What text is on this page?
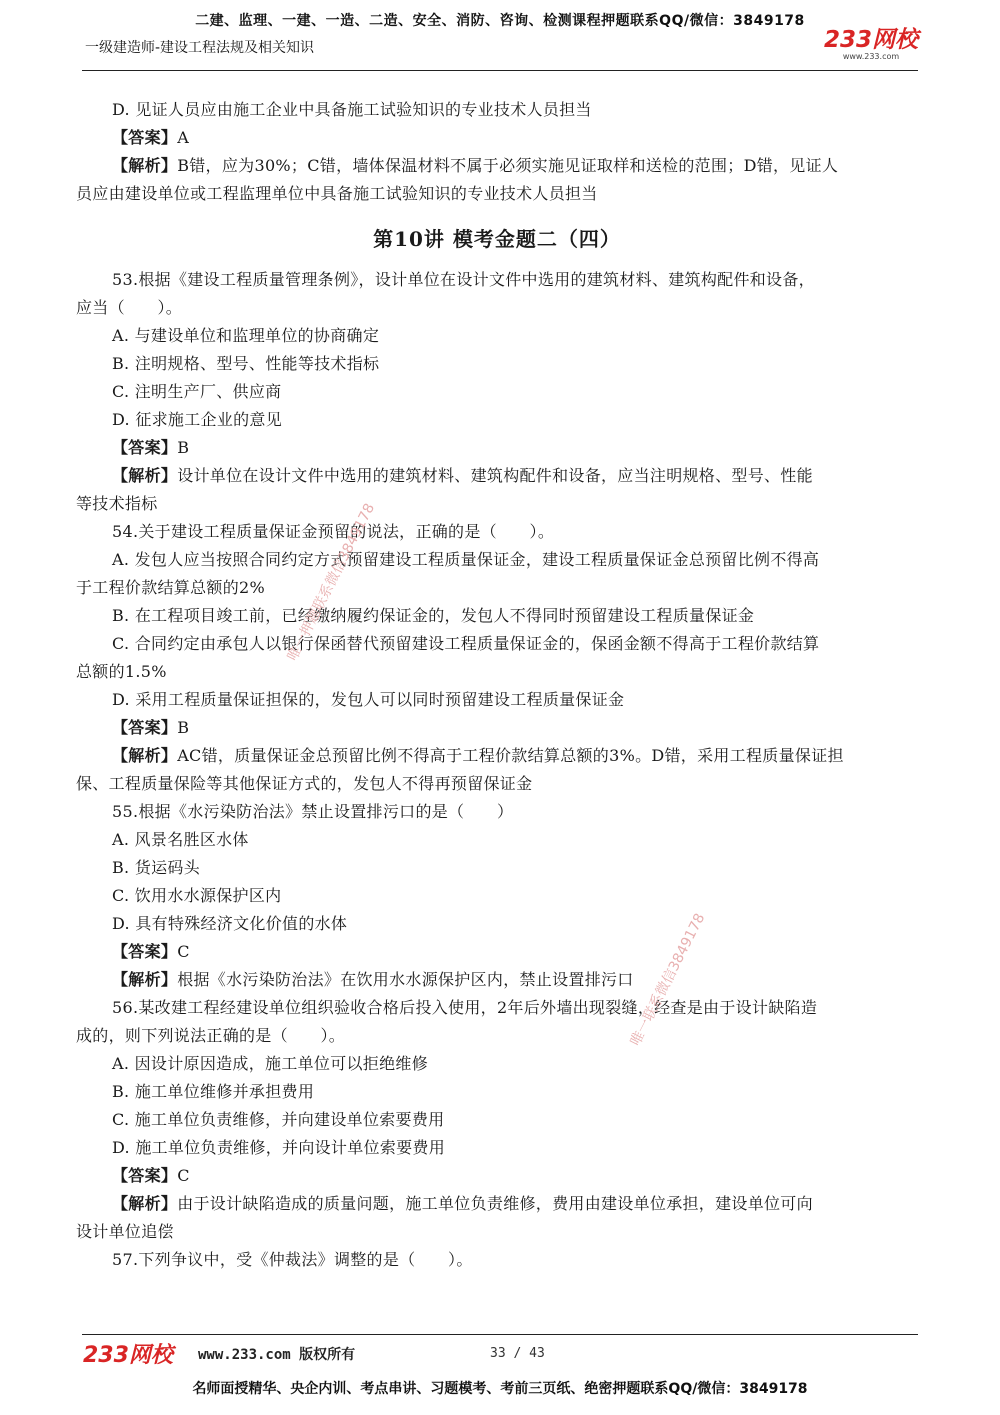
二建、监理、一建、一造、二造、安全、消防、咨询、检测课程押题联系QQ/微信：3849178
一级建造师-建设工程法规及相关知识	233网校
www.233.com
D. 见证人员应由施工企业中具备施工试验知识的专业技术人员担当
【答案】A
【解析】B错，应为30%；C错，墙体保温材料不属于必须实施见证取样和送检的范围；D错，见证人
员应由建设单位或工程监理单位中具备施工试验知识的专业技术人员担当
第10讲 模考金题二（四）
53.根据《建设工程质量管理条例》，设计单位在设计文件中选用的建筑材料、建筑构配件和设备，
应当（　　）。
A. 与建设单位和监理单位的协商确定
B. 注明规格、型号、性能等技术指标
C. 注明生产厂、供应商
D. 征求施工企业的意见
【答案】B
【解析】设计单位在设计文件中选用的建筑材料、建筑构配件和设备，应当注明规格、型号、性能
等技术指标
54.关于建设工程质量保证金预留的说法，正确的是（　　）。
A. 发包人应当按照合同约定方式预留建设工程质量保证金，建设工程质量保证金总预留比例不得高
于工程价款结算总额的2%
B. 在工程项目竣工前，已经缴纳履约保证金的，发包人不得同时预留建设工程质量保证金
C. 合同约定由承包人以银行保函替代预留建设工程质量保证金的，保函金额不得高于工程价款结算
总额的1.5%
D. 采用工程质量保证担保的，发包人可以同时预留建设工程质量保证金
【答案】B
【解析】AC错，质量保证金总预留比例不得高于工程价款结算总额的3%。D错，采用工程质量保证担
保、工程质量保险等其他保证方式的，发包人不得再预留保证金
55.根据《水污染防治法》禁止设置排污口的是（　　）
A. 风景名胜区水体
B. 货运码头
C. 饮用水水源保护区内
D. 具有特殊经济文化价值的水体
【答案】C
【解析】根据《水污染防治法》在饮用水水源保护区内，禁止设置排污口
56.某改建工程经建设单位组织验收合格后投入使用，2年后外墙出现裂缝，经查是由于设计缺陷造
成的，则下列说法正确的是（　　）。
A. 因设计原因造成，施工单位可以拒绝维修
B. 施工单位维修并承担费用
C. 施工单位负责维修，并向建设单位索要费用
D. 施工单位负责维修，并向设计单位索要费用
【答案】C
【解析】由于设计缺陷造成的质量问题，施工单位负责维修，费用由建设单位承担，建设单位可向
设计单位追偿
57.下列争议中，受《仲裁法》调整的是（　　）。
唯一押题联系微信3849178
唯一联系微信3849178
233网校 www.233.com 版权所有	33 / 43
名师面授精华、央企内训、考点串讲、习题模考、考前三页纸、绝密押题联系QQ/微信：3849178
